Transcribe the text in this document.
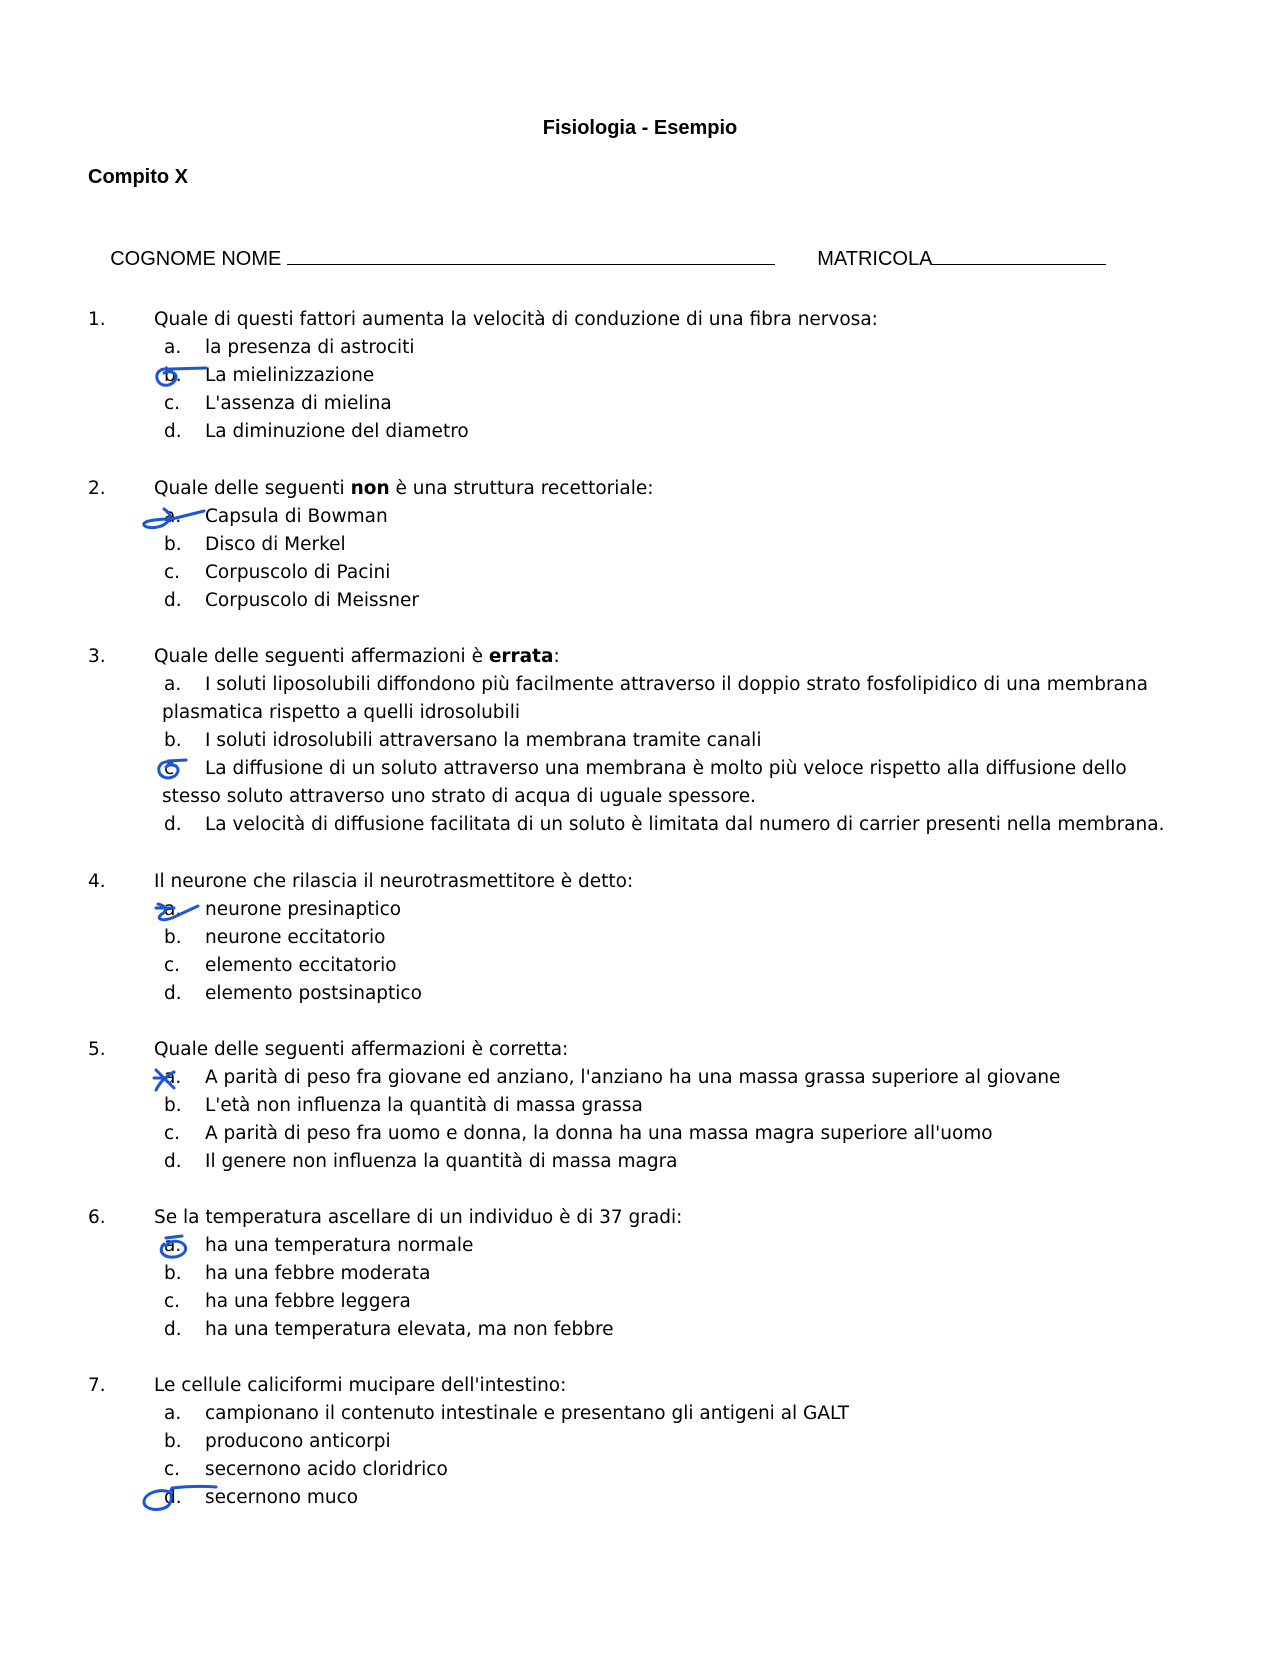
Fisiologia - Esempio
Compito X

COGNOME NOME
	MATRICOLA

1.	Quale di questi fattori aumenta la velocità di conduzione di una fibra nervosa:
a. la presenza di astrociti
b. La mielinizzazione
c. L'assenza di mielina
d. La diminuzione del diametro
2.	Quale delle seguenti non è una struttura recettoriale:
a. Capsula di Bowman
b. Disco di Merkel
c. Corpuscolo di Pacini
d. Corpuscolo di Meissner
3.	Quale delle seguenti affermazioni è errata:
a. I soluti liposolubili diffondono più facilmente attraverso il doppio strato fosfolipidico di una membrana
plasmatica rispetto a quelli idrosolubili
b. I soluti idrosolubili attraversano la membrana tramite canali
c. La diffusione di un soluto attraverso una membrana è molto più veloce rispetto alla diffusione dello
stesso soluto attraverso uno strato di acqua di uguale spessore.
d. La velocità di diffusione facilitata di un soluto è limitata dal numero di carrier presenti nella membrana.
4.	Il neurone che rilascia il neurotrasmettitore è detto:
a. neurone presinaptico
b. neurone eccitatorio
c. elemento eccitatorio
d. elemento postsinaptico
5.	Quale delle seguenti affermazioni è corretta:
a. A parità di peso fra giovane ed anziano, l'anziano ha una massa grassa superiore al giovane
b. L'età non influenza la quantità di massa grassa
c. A parità di peso fra uomo e donna, la donna ha una massa magra superiore all'uomo
d. Il genere non influenza la quantità di massa magra
6.	Se la temperatura ascellare di un individuo è di 37 gradi:
a. ha una temperatura normale
b. ha una febbre moderata
c. ha una febbre leggera
d. ha una temperatura elevata, ma non febbre
7.	Le cellule caliciformi mucipare dell'intestino:
a. campionano il contenuto intestinale e presentano gli antigeni al GALT
b. producono anticorpi
c. secernono acido cloridrico
d. secernono muco
